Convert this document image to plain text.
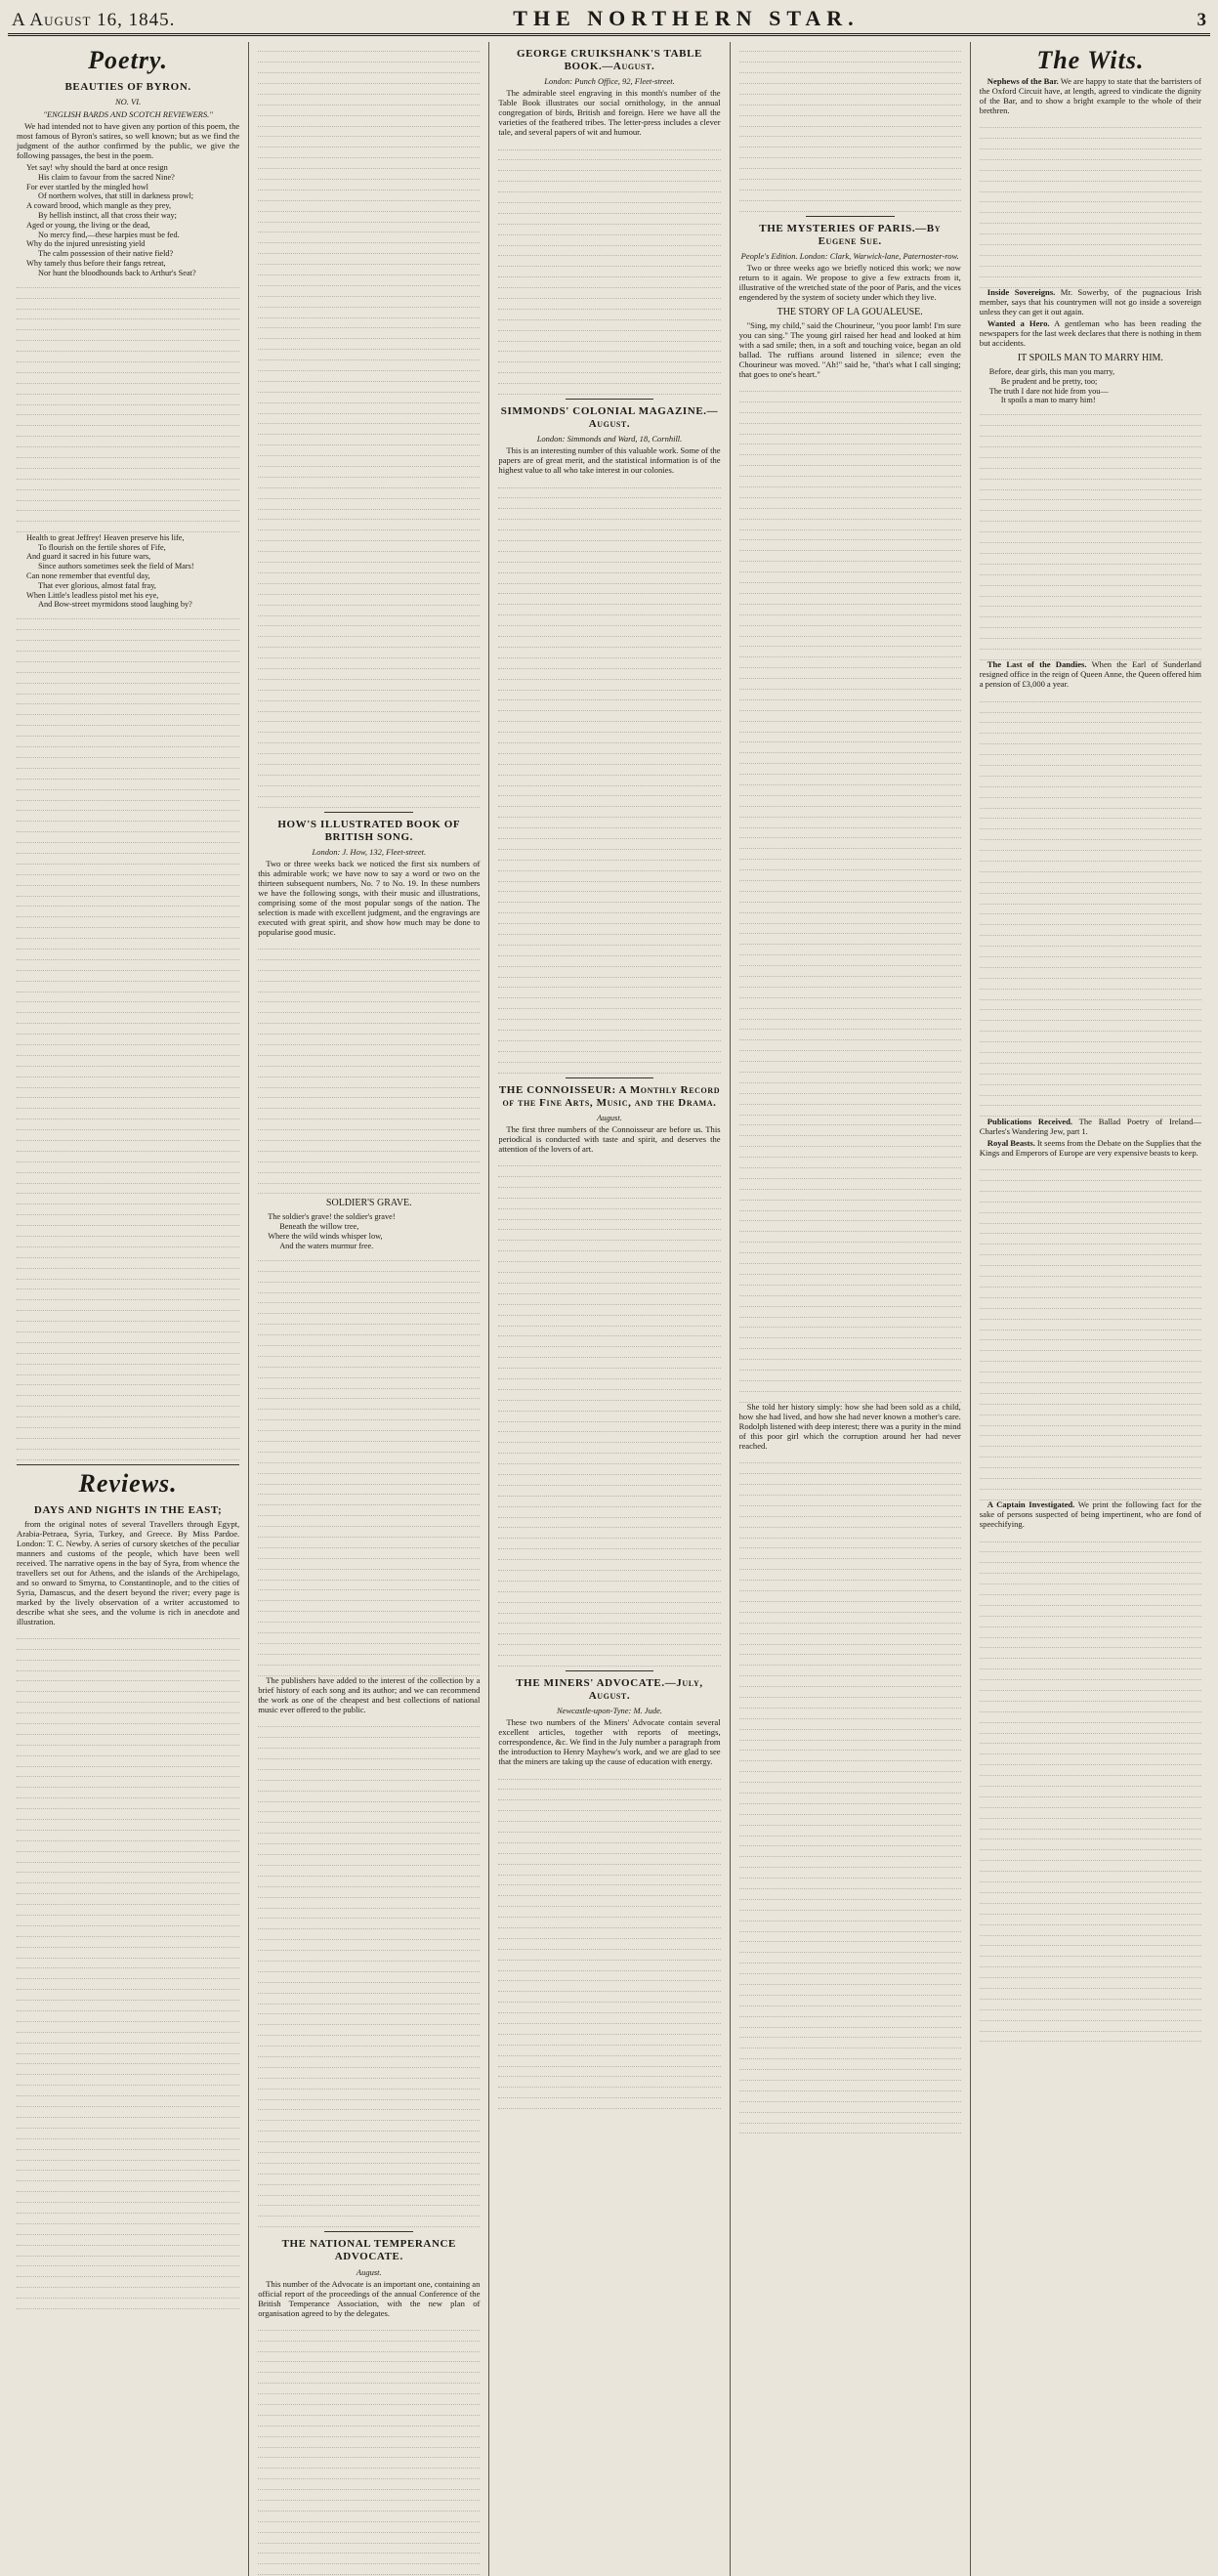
A August 16, 1845.	THE NORTHERN STAR.	3
Poetry.
BEAUTIES OF BYRON.
NO. VI.
"ENGLISH BARDS AND SCOTCH REVIEWERS."

We had intended not to have given any portion of this poem, the most famous of Byron's satires, so well known; but as we find the judgment of the author confirmed by the public, we give the following passages, the best in the poem.

Yet say! why should the bard at once resign
His claim to favour from the sacred Nine?
For ever startled by the mingled howl
Of northern wolves, that still in darkness prowl;
A coward brood, which mangle as they prey,
By hellish instinct, all that cross their way;
Aged or young, the living or the dead,
No mercy find,—these harpies must be fed.
Why do the injured unresisting yield
The calm possession of their native field?
Why tamely thus before their fangs retreat,
Nor hunt the bloodhounds back to Arthur's Seat?
Health to great Jeffrey! Heaven preserve his life,
To flourish on the fertile shores of Fife,
And guard it sacred in his future wars,
Since authors sometimes seek the field of Mars!
Can none remember that eventful day,
That ever glorious, almost fatal fray,
When Little's leadless pistol met his eye,
And Bow-street myrmidons stood laughing by?
Reviews.
DAYS AND NIGHTS IN THE EAST;

from the original notes of several Travellers through Egypt, Arabia-Petraea, Syria, Turkey, and Greece. By Miss Pardoe. London: T. C. Newby. A series of cursory sketches of the peculiar manners and customs of the people, which have been well received. The narrative opens in the bay of Syra, from whence the travellers set out for Athens, and the islands of the Archipelago, and so onward to Smyrna, to Constantinople, and to the cities of Syria, Damascus, and the desert beyond the river; every page is marked by the lively observation of a writer accustomed to describe what she sees, and the volume is rich in anecdote and illustration.

HOW'S ILLUSTRATED BOOK OF BRITISH SONG.
London: J. How, 132, Fleet-street.

Two or three weeks back we noticed the first six numbers of this admirable work; we have now to say a word or two on the thirteen subsequent numbers, No. 7 to No. 19. In these numbers we have the following songs, with their music and illustrations, comprising some of the most popular songs of the nation. The selection is made with excellent judgment, and the engravings are executed with great spirit, and show how much may be done to popularise good music.

SOLDIER'S GRAVE.
The soldier's grave! the soldier's grave!
Beneath the willow tree,
Where the wild winds whisper low,
And the waters murmur free.

The publishers have added to the interest of the collection by a brief history of each song and its author; and we can recommend the work as one of the cheapest and best collections of national music ever offered to the public.

THE NATIONAL TEMPERANCE ADVOCATE.
August.

This number of the Advocate is an important one, containing an official report of the proceedings of the annual Conference of the British Temperance Association, with the new plan of organisation agreed to by the delegates.

GEORGE CRUIKSHANK'S TABLE BOOK.—August.
London: Punch Office, 92, Fleet-street.

The admirable steel engraving in this month's number of the Table Book illustrates our social ornithology, in the annual congregation of birds, British and foreign. Here we have all the varieties of the feathered tribes. The letter-press includes a clever tale, and several papers of wit and humour.

SIMMONDS' COLONIAL MAGAZINE.—August.
London: Simmonds and Ward, 18, Cornhill.

This is an interesting number of this valuable work. Some of the papers are of great merit, and the statistical information is of the highest value to all who take interest in our colonies.

THE CONNOISSEUR: A Monthly Record of the Fine Arts, Music, and the Drama.
August.

The first three numbers of the Connoisseur are before us. This periodical is conducted with taste and spirit, and deserves the attention of the lovers of art.

THE MINERS' ADVOCATE.—July, August.
Newcastle-upon-Tyne: M. Jude.

These two numbers of the Miners' Advocate contain several excellent articles, together with reports of meetings, correspondence, &c. We find in the July number a paragraph from the introduction to Henry Mayhew's work, and we are glad to see that the miners are taking up the cause of education with energy.

THE MYSTERIES OF PARIS.—By Eugene Sue.
People's Edition. London: Clark, Warwick-lane, Paternoster-row.

Two or three weeks ago we briefly noticed this work; we now return to it again. We propose to give a few extracts from it, illustrative of the wretched state of the poor of Paris, and the vices engendered by the system of society under which they live.

THE STORY OF LA GOUALEUSE.

"Sing, my child," said the Chourineur, "you poor lamb! I'm sure you can sing." The young girl raised her head and looked at him with a sad smile; then, in a soft and touching voice, began an old ballad. The ruffians around listened in silence; even the Chourineur was moved. "Ah!" said he, "that's what I call singing; that goes to one's heart."

She told her history simply: how she had been sold as a child, how she had lived, and how she had never known a mother's care. Rodolph listened with deep interest; there was a purity in the mind of this poor girl which the corruption around her had never reached.

The Wits.

Nephews of the Bar. We are happy to state that the barristers of the Oxford Circuit have, at length, agreed to vindicate the dignity of the Bar, and to show a bright example to the whole of their brethren.

Inside Sovereigns. Mr. Sowerby, of the pugnacious Irish member, says that his countrymen will not go inside a sovereign unless they can get it out again.

Wanted a Hero. A gentleman who has been reading the newspapers for the last week declares that there is nothing in them but accidents.

IT SPOILS MAN TO MARRY HIM.
Before, dear girls, this man you marry,
Be prudent and be pretty, too;
The truth I dare not hide from you—
It spoils a man to marry him!

The Last of the Dandies. When the Earl of Sunderland resigned office in the reign of Queen Anne, the Queen offered him a pension of £3,000 a year.

Publications Received. The Ballad Poetry of Ireland—Charles's Wandering Jew, part 1.

Royal Beasts. It seems from the Debate on the Supplies that the Kings and Emperors of Europe are very expensive beasts to keep.

A Captain Investigated. We print the following fact for the sake of persons suspected of being impertinent, who are fond of speechifying.
